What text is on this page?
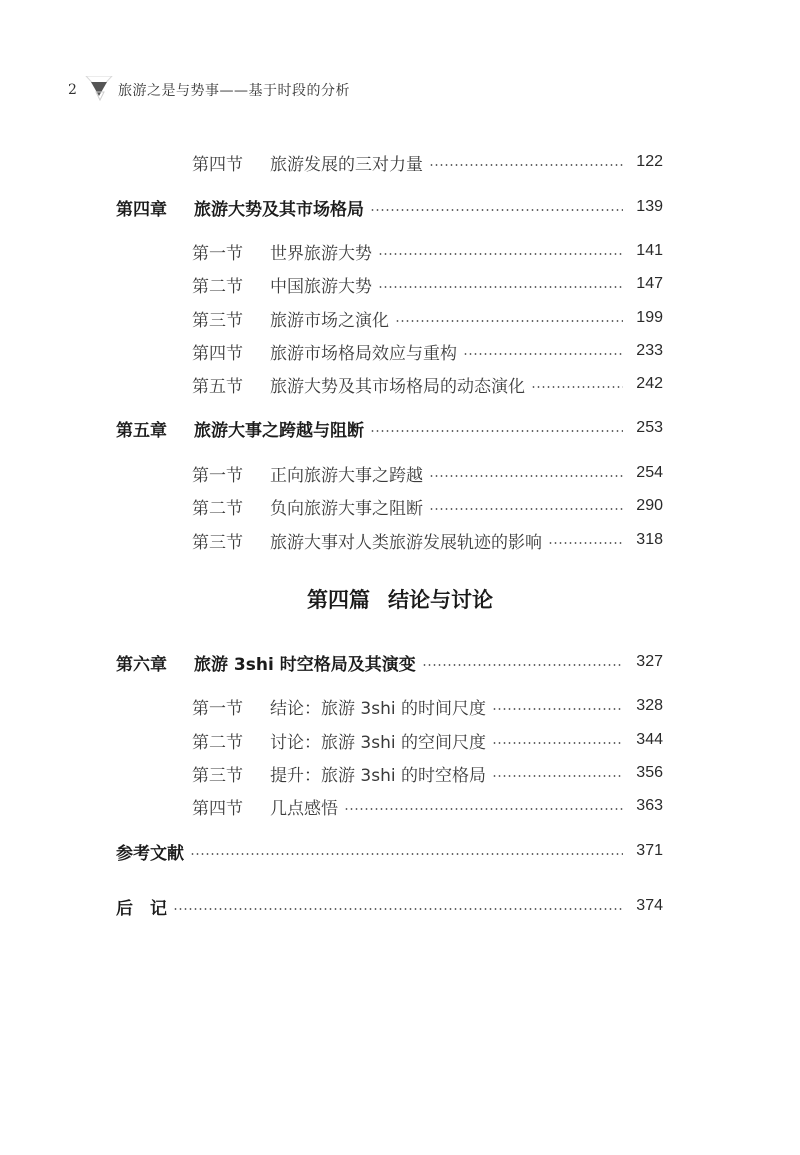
2	旅游之是与势事——基于时段的分析
第四节	旅游发展的三对力量	122
第四章	旅游大势及其市场格局	139
第一节	世界旅游大势	141
第二节	中国旅游大势	147
第三节	旅游市场之演化	199
第四节	旅游市场格局效应与重构	233
第五节	旅游大势及其市场格局的动态演化	242
第五章	旅游大事之跨越与阻断	253
第一节	正向旅游大事之跨越	254
第二节	负向旅游大事之阻断	290
第三节	旅游大事对人类旅游发展轨迹的影响	318
第四篇 结论与讨论
第六章	旅游 3shi 时空格局及其演变	327
第一节	结论：旅游 3shi 的时间尺度	328
第二节	讨论：旅游 3shi 的空间尺度	344
第三节	提升：旅游 3shi 的时空格局	356
第四节	几点感悟	363
参考文献	371
后　记	374
